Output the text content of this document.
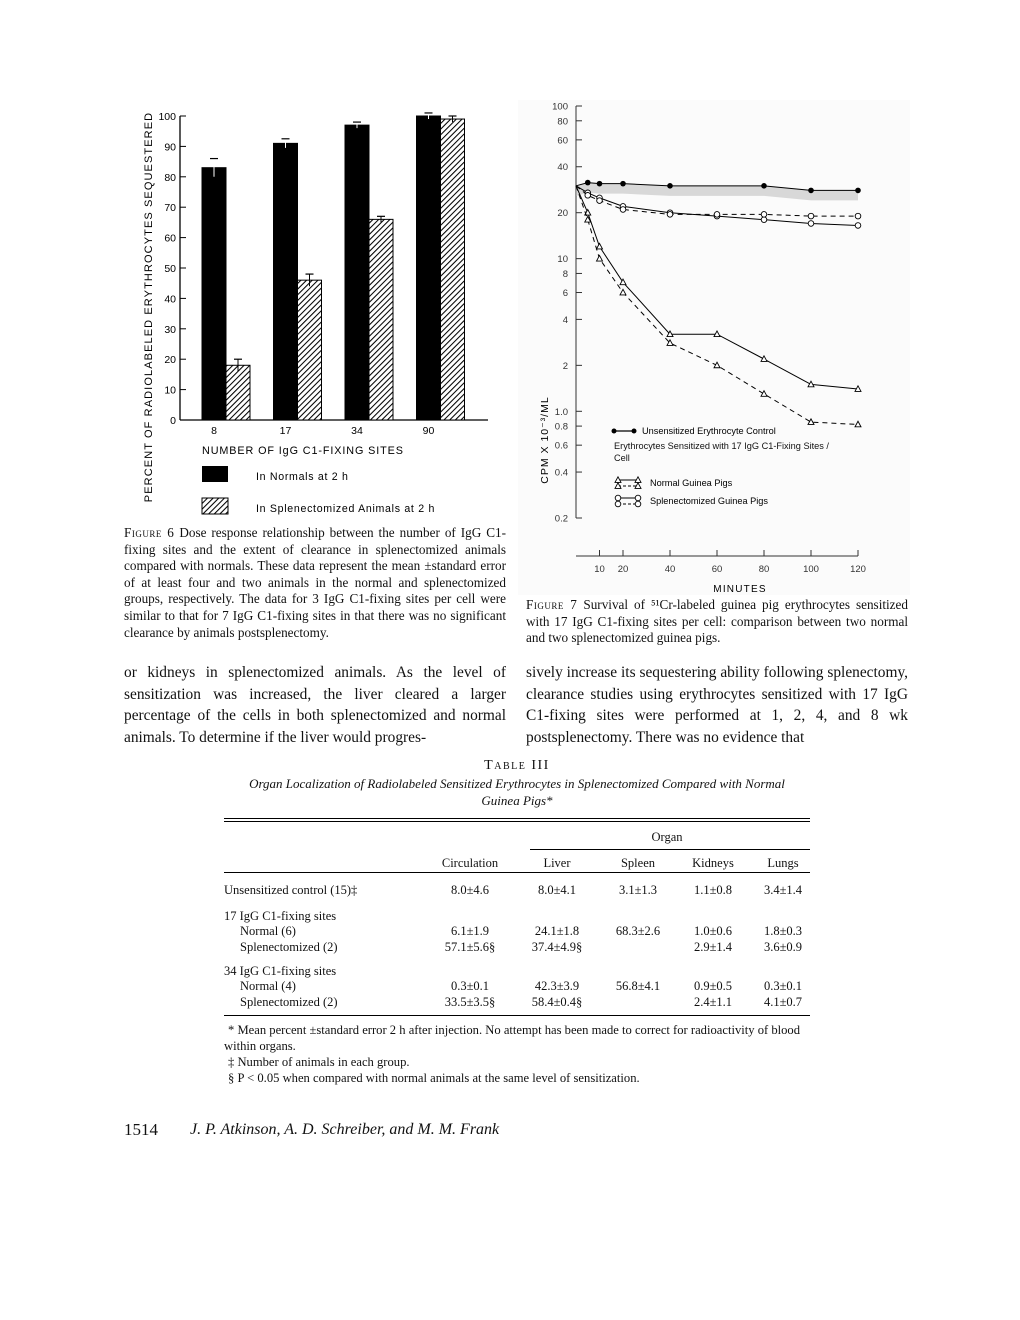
0
10
20
30
40
50
60
70
80
90
100
8	17	34	90
PERCENT OF RADIOLABELED ERYTHROCYTES SEQUESTERED	NUMBER OF IgG C1-FIXING SITES
In Normals at 2 h
In Splenectomized Animals at 2 h
Figure 6 Dose response relationship between the number of IgG C1-fixing sites and the extent of clearance in splenectomized animals compared with normals. These data represent the mean ±standard error of at least four and two animals in the normal and splenectomized groups, respectively. The data for 3 IgG C1-fixing sites per cell were similar to that for 7 IgG C1-fixing sites in that there was no significant clearance by animals postsplenectomy.
100
80
60
40
20
10
8
6
4
2
1.0
0.8
0.6
0.4
0.2
10 20	40	60	80	100	120
CPM X 10⁻³/ML
MINUTES
Unsensitized Erythrocyte Control
Erythrocytes Sensitized with 17 IgG C1-Fixing Sites / Cell
Normal Guinea Pigs
Splenectomized Guinea Pigs
Figure 7 Survival of ⁵¹Cr-labeled guinea pig erythrocytes sensitized with 17 IgG C1-fixing sites per cell: comparison between two normal and two splenectomized guinea pigs.
or kidneys in splenectomized animals. As the level of sensitization was increased, the liver cleared a larger percentage of the cells in both splenectomized and normal animals. To determine if the liver would progres-
sively increase its sequestering ability following splenectomy, clearance studies using erythrocytes sensitized with 17 IgG C1-fixing sites were performed at 1, 2, 4, and 8 wk postsplenectomy. There was no evidence that
Table III
Organ Localization of Radiolabeled Sensitized Erythrocytes in Splenectomized Compared with Normal Guinea Pigs*
Organ
Circulation	Liver	Spleen	Kidneys	Lungs
Unsensitized control (15)‡	8.0±4.6		8.0±4.1		3.1±1.3		1.1±0.8		3.4±1.4

17 IgG C1-fixing sites									
Normal (6)	6.1±1.9		24.1±1.8		68.3±2.6		1.0±0.6		1.8±0.3
Splenectomized (2)	57.1±5.6§		37.4±4.9§				2.9±1.4		3.6±0.9

34 IgG C1-fixing sites									
Normal (4)	0.3±0.1		42.3±3.9		56.8±4.1		0.9±0.5		0.3±0.1
Splenectomized (2)	33.5±3.5§		58.4±0.4§				2.4±1.1		4.1±0.7
* Mean percent ±standard error 2 h after injection. No attempt has been made to correct for radioactivity of blood within organs.
‡ Number of animals in each group.
§ P < 0.05 when compared with normal animals at the same level of sensitization.
1514 J. P. Atkinson, A. D. Schreiber, and M. M. Frank
